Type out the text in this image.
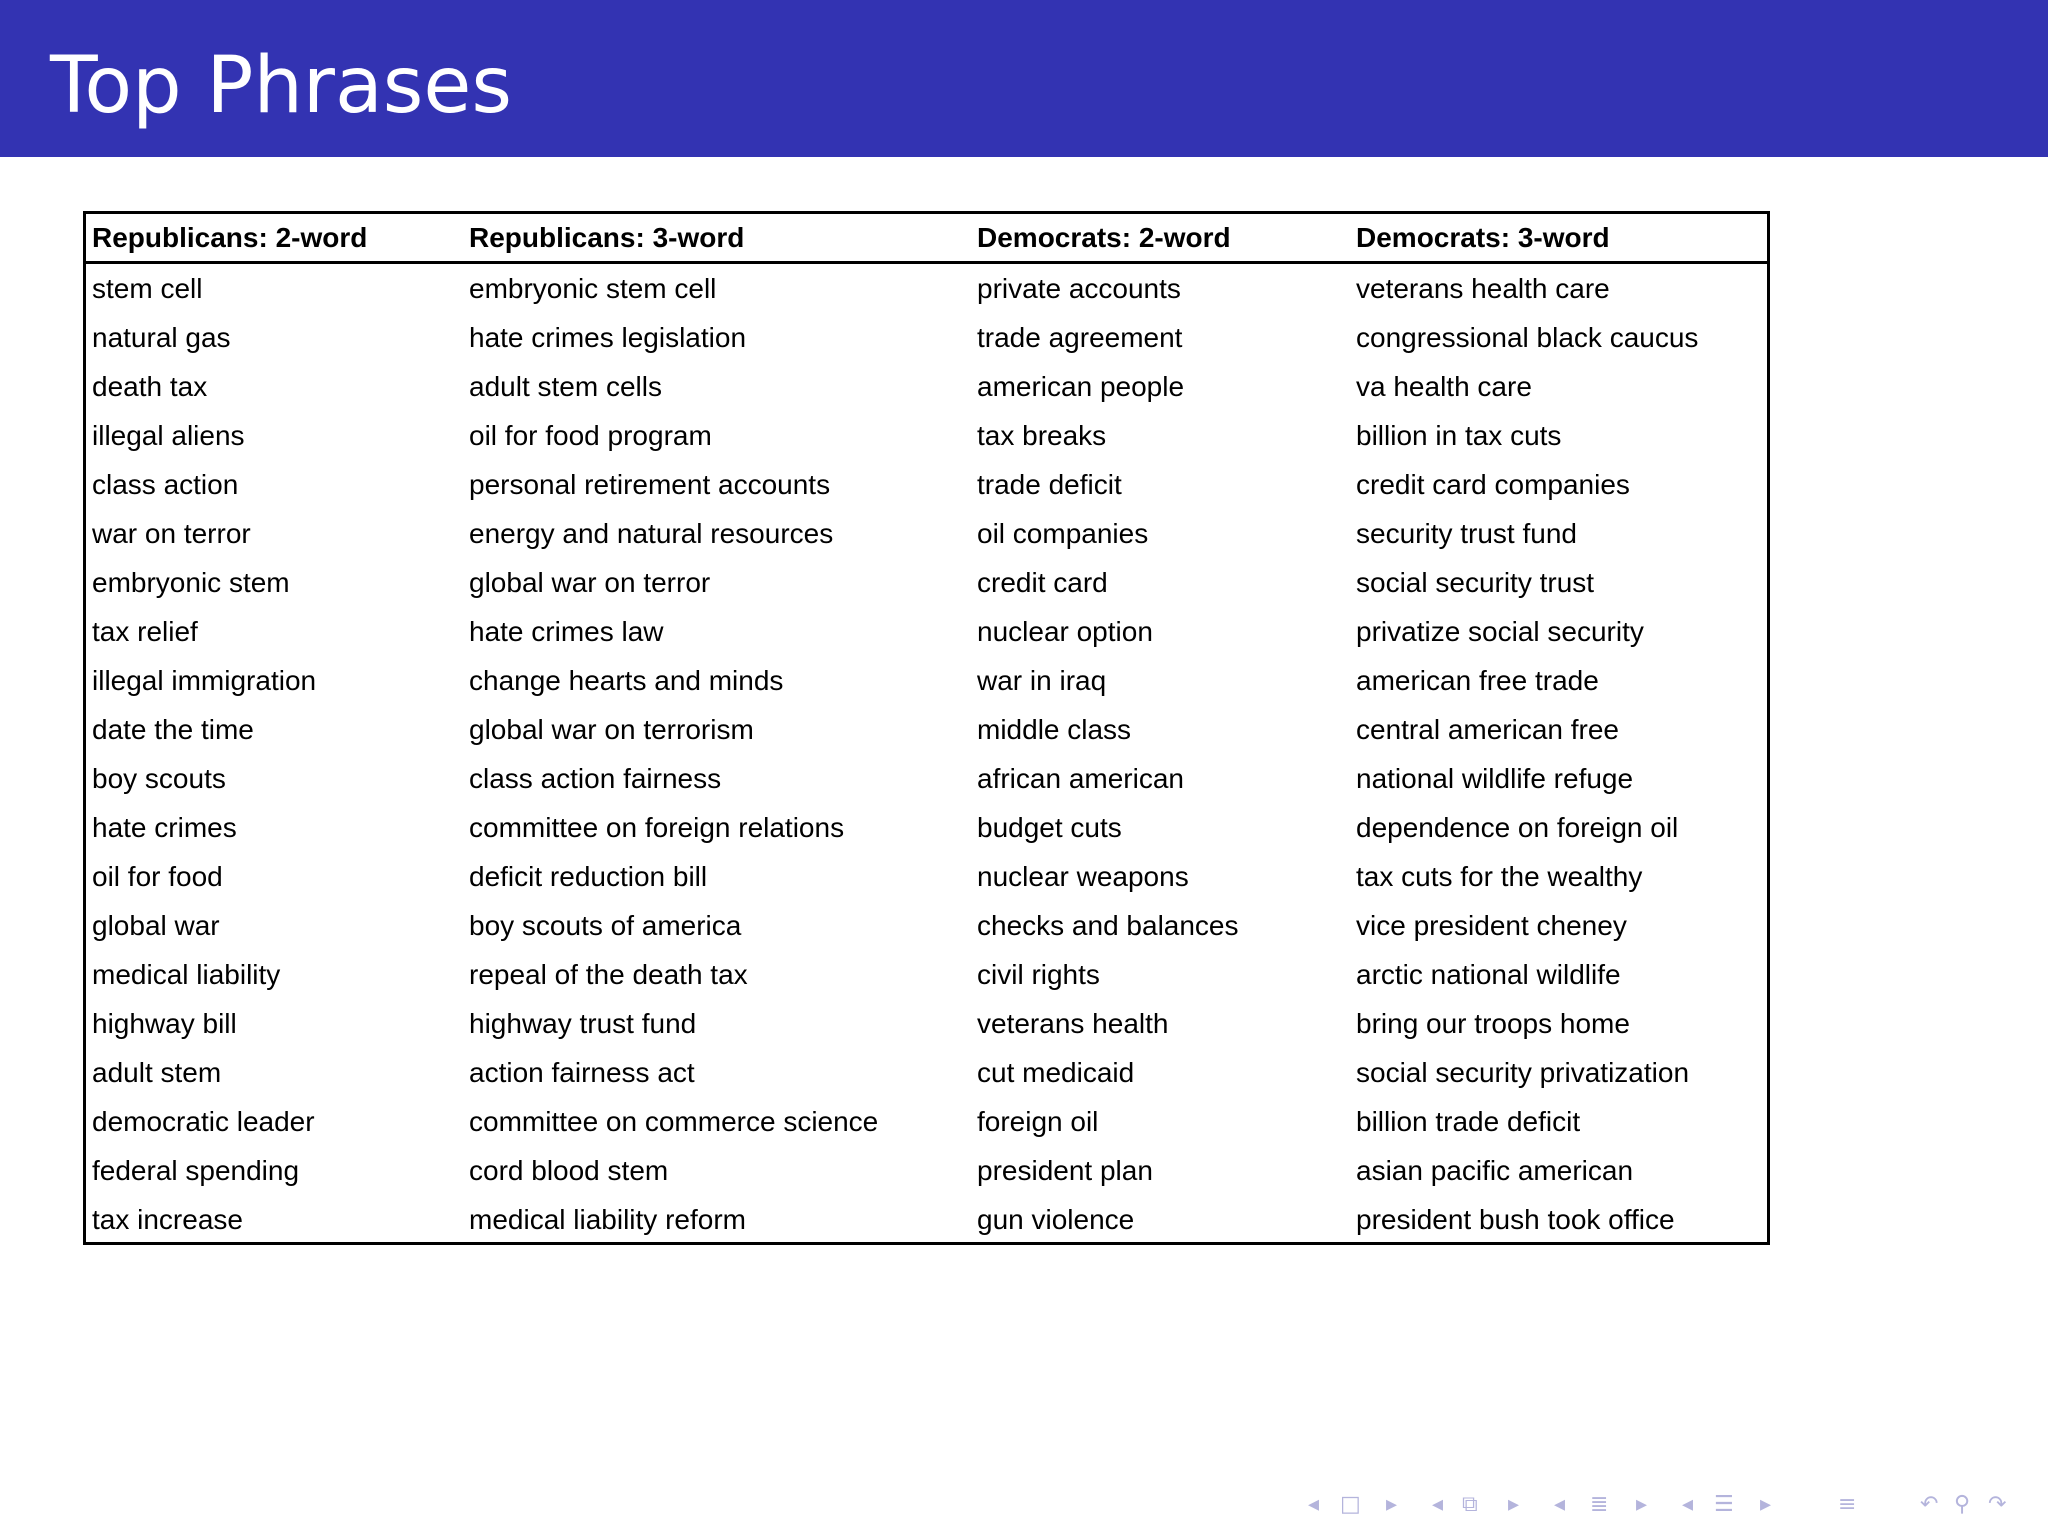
Top Phrases
Republicans: 2-word	Republicans: 3-word	Democrats: 2-word	Democrats: 3-word
stem cell	embryonic stem cell	private accounts	veterans health care
natural gas	hate crimes legislation	trade agreement	congressional black caucus
death tax	adult stem cells	american people	va health care
illegal aliens	oil for food program	tax breaks	billion in tax cuts
class action	personal retirement accounts	trade deficit	credit card companies
war on terror	energy and natural resources	oil companies	security trust fund
embryonic stem	global war on terror	credit card	social security trust
tax relief	hate crimes law	nuclear option	privatize social security
illegal immigration	change hearts and minds	war in iraq	american free trade
date the time	global war on terrorism	middle class	central american free
boy scouts	class action fairness	african american	national wildlife refuge
hate crimes	committee on foreign relations	budget cuts	dependence on foreign oil
oil for food	deficit reduction bill	nuclear weapons	tax cuts for the wealthy
global war	boy scouts of america	checks and balances	vice president cheney
medical liability	repeal of the death tax	civil rights	arctic national wildlife
highway bill	highway trust fund	veterans health	bring our troops home
adult stem	action fairness act	cut medicaid	social security privatization
democratic leader	committee on commerce science	foreign oil	billion trade deficit
federal spending	cord blood stem	president plan	asian pacific american
tax increase	medical liability reform	gun violence	president bush took office
◂ □ ▸ ◂ ⧉ ▸ ◂ ≣ ▸ ◂ ☰ ▸	≡	↶ ⚲ ↷
